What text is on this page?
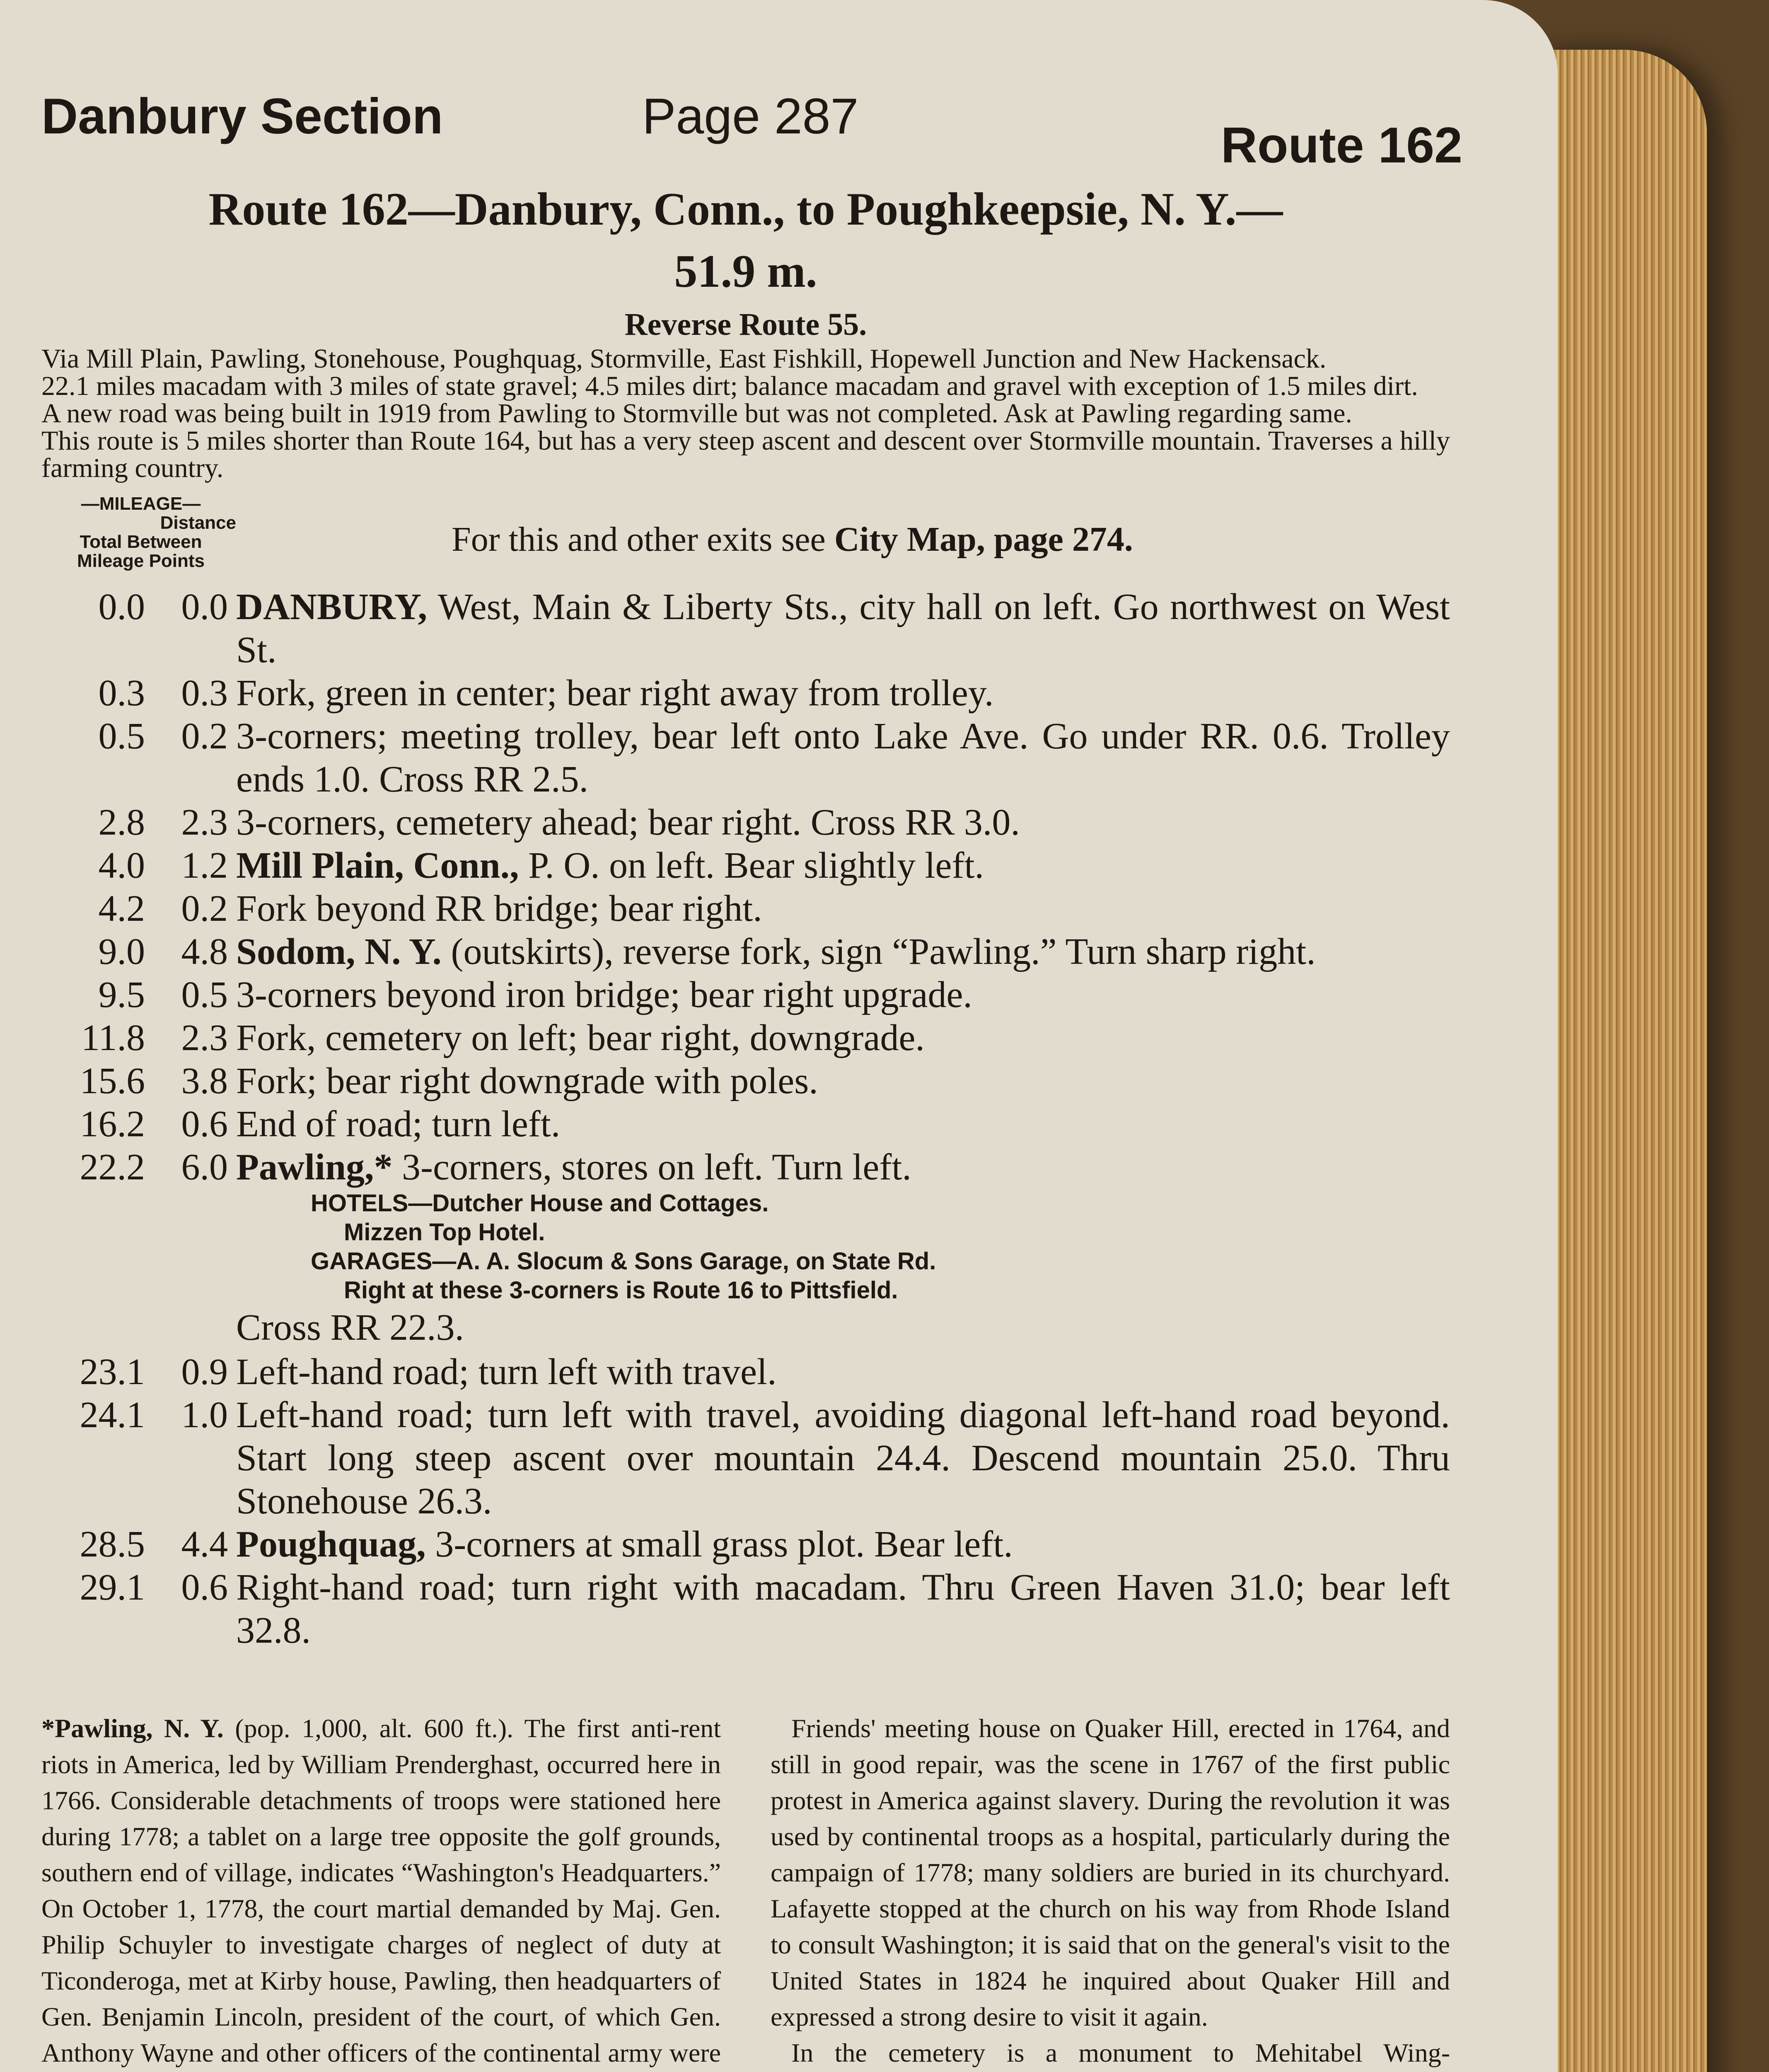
Danbury Section	Page 287
Route 162
Route 162—Danbury, Conn., to Poughkeepsie, N. Y.—
51.9 m.
Reverse Route 55.

Via Mill Plain, Pawling, Stonehouse, Poughquag, Stormville, East Fishkill, Hopewell Junction and New Hackensack.

22.1 miles macadam with 3 miles of state gravel; 4.5 miles dirt; balance macadam and gravel with exception of 1.5 miles dirt.

A new road was being built in 1919 from Pawling to Stormville but was not completed. Ask at Pawling regarding same.

This route is 5 miles shorter than Route 164, but has a very steep ascent and descent over Stormville mountain. Traverses a hilly farming country.

—MILEAGE—
Distance
Total Between
Mileage Points
For this and other exits see City Map, page 274.
0.0 0.0 DANBURY, West, Main & Liberty Sts., city hall on left. Go northwest on West St.
0.3 0.3 Fork, green in center; bear right away from trolley.
0.5 0.2 3-corners; meeting trolley, bear left onto Lake Ave. Go under RR. 0.6. Trolley ends 1.0. Cross RR 2.5.
2.8 2.3 3-corners, cemetery ahead; bear right. Cross RR 3.0.
4.0 1.2 Mill Plain, Conn., P. O. on left. Bear slightly left.
4.2 0.2 Fork beyond RR bridge; bear right.
9.0 4.8 Sodom, N. Y. (outskirts), reverse fork, sign “Pawling.” Turn sharp right.
9.5 0.5 3-corners beyond iron bridge; bear right upgrade.
11.8 2.3 Fork, cemetery on left; bear right, downgrade.
15.6 3.8 Fork; bear right downgrade with poles.
16.2 0.6 End of road; turn left.
22.2 6.0 Pawling,* 3-corners, stores on left. Turn left.
HOTELS—Dutcher House and Cottages.
Mizzen Top Hotel.
GARAGES—A. A. Slocum & Sons Garage, on State Rd.
Right at these 3-corners is Route 16 to Pittsfield.
Cross RR 22.3.
23.1 0.9 Left-hand road; turn left with travel.
24.1 1.0 Left-hand road; turn left with travel, avoiding diagonal left-hand road beyond. Start long steep ascent over mountain 24.4. Descend mountain 25.0. Thru Stonehouse 26.3.
28.5 4.4 Poughquag, 3-corners at small grass plot. Bear left.
29.1 0.6 Right-hand road; turn right with macadam. Thru Green Haven 31.0; bear left 32.8.

*Pawling, N. Y. (pop. 1,000, alt. 600 ft.). The first anti-rent riots in America, led by William Prenderghast, occurred here in 1766. Considerable detachments of troops were stationed here during 1778; a tablet on a large tree opposite the golf grounds, southern end of village, indicates “Washington's Headquarters.” On October 1, 1778, the court martial demanded by Maj. Gen. Philip Schuyler to investigate charges of neglect of duty at Ticonderoga, met at Kirby house, Pawling, then headquarters of Gen. Benjamin Lincoln, president of the court, of which Gen. Anthony Wayne and other officers of the continental army were

Friends' meeting house on Quaker Hill, erected in 1764, and still in good repair, was the scene in 1767 of the first public protest in America against slavery. During the revolution it was used by continental troops as a hospital, particularly during the campaign of 1778; many soldiers are buried in its churchyard. Lafayette stopped at the church on his way from Rhode Island to consult Washington; it is said that on the general's visit to the United States in 1824 he inquired about Quaker Hill and expressed a strong desire to visit it again.

In the cemetery is a monument to Mehitabel Wing-
